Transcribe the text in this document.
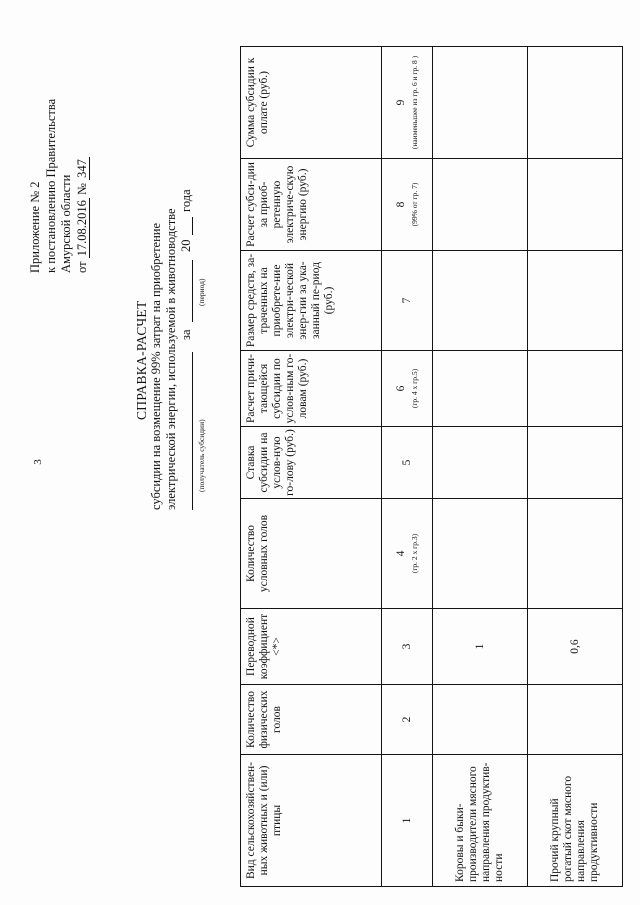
3
Приложение № 2 к постановлению Правительства Амурской области от 17.08.2016 № 347
СПРАВКА-РАСЧЕТ субсидии на возмещение 99% затрат на приобретение электрической энергии, используемой в животноводстве	(получатель субсидии)
за
(период)
20
года
Вид сельскохозяйствен-ных животных и (или) птицы	Количество физических голов	Переводной коэффициент <*>	Количество условных голов	Ставка субсидии на услов-ную го-лову (руб.)	Расчет причи-тающейся субсидии по услов-ным го-ловам (руб.)	Размер средств, за-траченных на приобрете-ние электри-ческой энер-гии за ука-занный пе-риод (руб.)	Расчет субси-дии за приоб-ретенную электриче-скую энергию (руб.)	Сумма субсидии к оплате (руб.)
1	2	3	4 (гр. 2 х гр.3)	5	6 (гр. 4 х гр.5)	7	8 (99% от гр. 7)	9 (наименьшее из гр. 6 и гр. 8 )

Коровы и быки-производители мясного направления продуктив-ности		1						
Прочий крупный рогатый скот мясного направления продуктивности		0,6						
